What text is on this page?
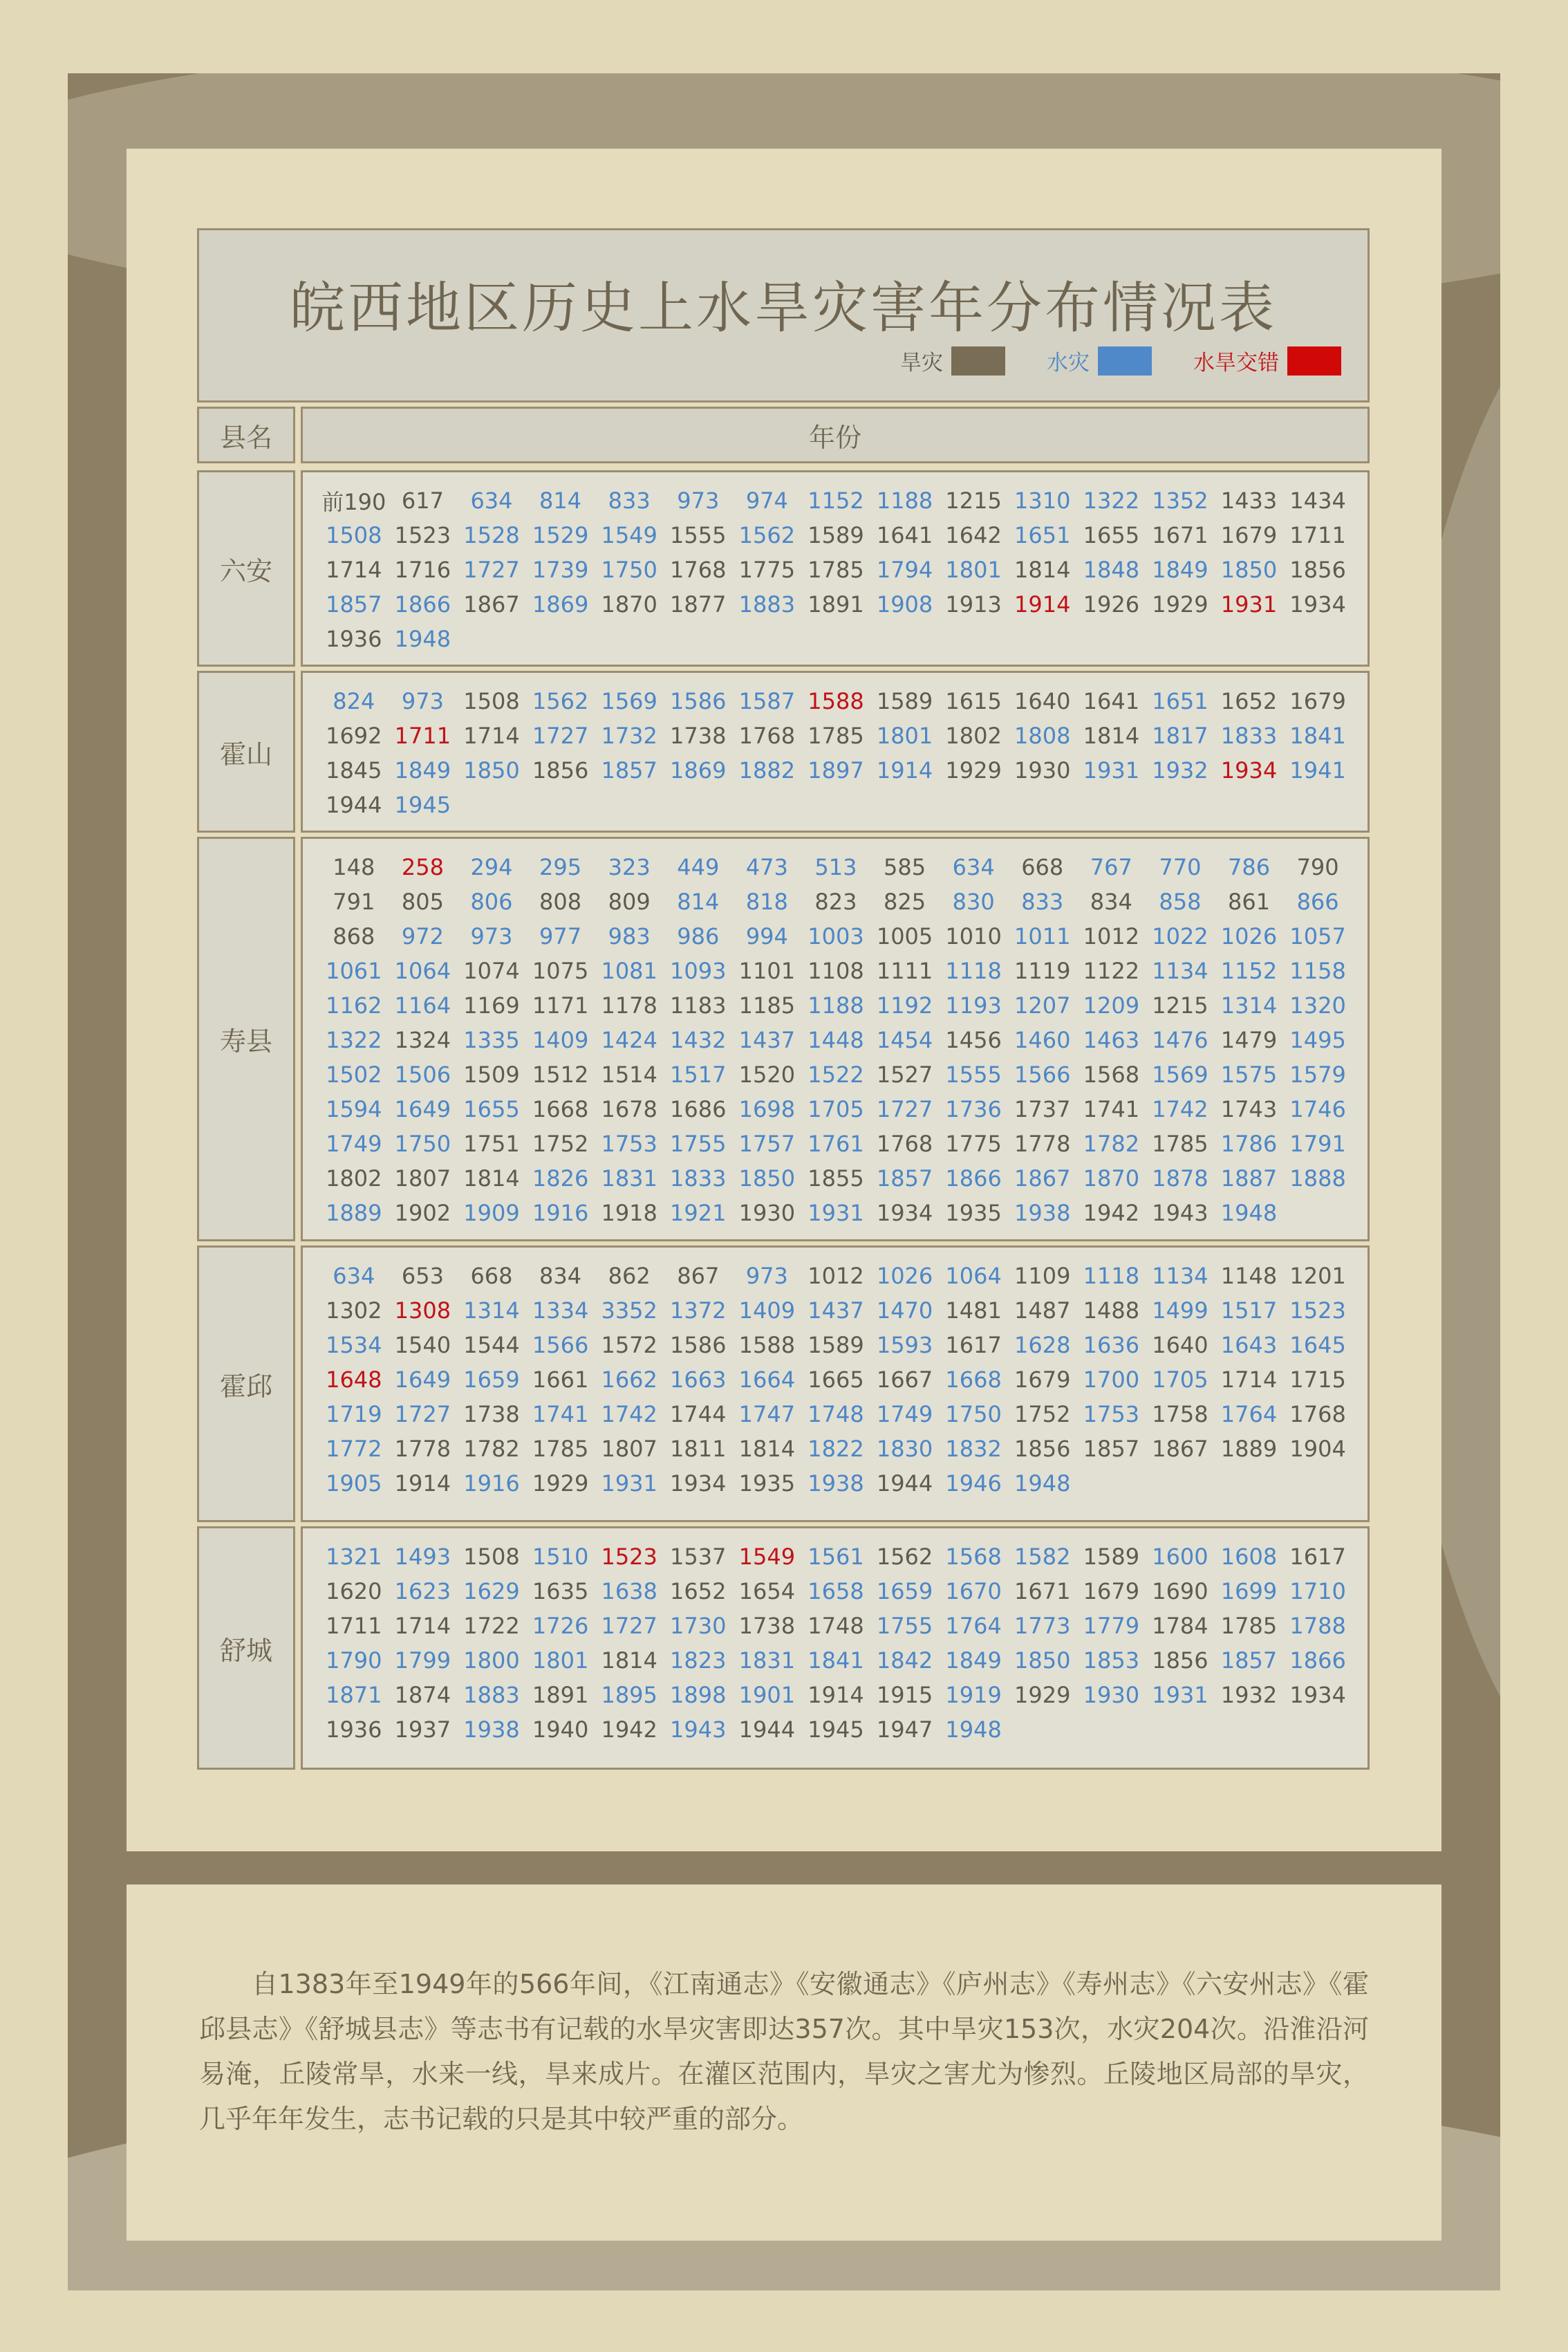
皖西地区历史上水旱灾害年分布情况表
旱灾	水灾	水旱交错
县名	年份
六安
前190 617	634	814	833	973	974 1152 1188 1215 1310 1322 1352 1433 1434
1508 1523 1528 1529 1549 1555 1562 1589 1641 1642 1651 1655 1671 1679 1711
1714 1716 1727 1739 1750 1768 1775 1785 1794 1801 1814 1848 1849 1850 1856
1857 1866 1867 1869 1870 1877 1883 1891 1908 1913 1914 1926 1929 1931 1934
1936 1948
霍山
824	973 1508 1562 1569 1586 1587 1588 1589 1615 1640 1641 1651 1652 1679
1692 1711 1714 1727 1732 1738 1768 1785 1801 1802 1808 1814 1817 1833 1841
1845 1849 1850 1856 1857 1869 1882 1897 1914 1929 1930 1931 1932 1934 1941
1944 1945
寿县
148	258	294	295	323	449	473	513	585	634	668	767	770	786	790
791	805	806	808	809	814	818	823	825	830	833	834	858	861	866
868	972	973	977	983	986	994 1003 1005 1010 1011 1012 1022 1026 1057
1061 1064 1074 1075 1081 1093 1101 1108 1111 1118 1119 1122 1134 1152 1158
1162 1164 1169 1171 1178 1183 1185 1188 1192 1193 1207 1209 1215 1314 1320
1322 1324 1335 1409 1424 1432 1437 1448 1454 1456 1460 1463 1476 1479 1495
1502 1506 1509 1512 1514 1517 1520 1522 1527 1555 1566 1568 1569 1575 1579
1594 1649 1655 1668 1678 1686 1698 1705 1727 1736 1737 1741 1742 1743 1746
1749 1750 1751 1752 1753 1755 1757 1761 1768 1775 1778 1782 1785 1786 1791
1802 1807 1814 1826 1831 1833 1850 1855 1857 1866 1867 1870 1878 1887 1888
1889 1902 1909 1916 1918 1921 1930 1931 1934 1935 1938 1942 1943 1948
霍邱
634	653	668	834	862	867	973 1012 1026 1064 1109 1118 1134 1148 1201
1302 1308 1314 1334 3352 1372 1409 1437 1470 1481 1487 1488 1499 1517 1523
1534 1540 1544 1566 1572 1586 1588 1589 1593 1617 1628 1636 1640 1643 1645
1648 1649 1659 1661 1662 1663 1664 1665 1667 1668 1679 1700 1705 1714 1715
1719 1727 1738 1741 1742 1744 1747 1748 1749 1750 1752 1753 1758 1764 1768
1772 1778 1782 1785 1807 1811 1814 1822 1830 1832 1856 1857 1867 1889 1904
1905 1914 1916 1929 1931 1934 1935 1938 1944 1946 1948
舒城
1321 1493 1508 1510 1523 1537 1549 1561 1562 1568 1582 1589 1600 1608 1617
1620 1623 1629 1635 1638 1652 1654 1658 1659 1670 1671 1679 1690 1699 1710
1711 1714 1722 1726 1727 1730 1738 1748 1755 1764 1773 1779 1784 1785 1788
1790 1799 1800 1801 1814 1823 1831 1841 1842 1849 1850 1853 1856 1857 1866
1871 1874 1883 1891 1895 1898 1901 1914 1915 1919 1929 1930 1931 1932 1934
1936 1937 1938 1940 1942 1943 1944 1945 1947 1948
自1383年至1949年的566年间，《江南通志》《安徽通志》《庐州志》《寿州志》《六安州志》《霍邱县志》《舒城县志》等志书有记载的水旱灾害即达357次。其中旱灾153次，水灾204次。沿淮沿河易淹，丘陵常旱，水来一线，旱来成片。在灌区范围内，旱灾之害尤为惨烈。丘陵地区局部的旱灾，几乎年年发生，志书记载的只是其中较严重的部分。
